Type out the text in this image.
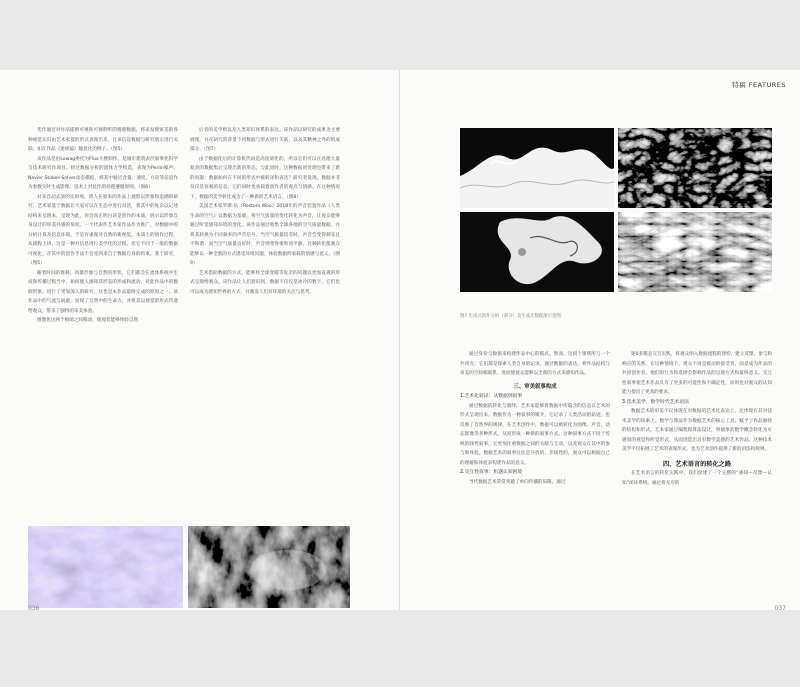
优作通过对作品提供可视和可视聆听的情感数据，将来发现审美的各种视觉认识由艺术家提的形式表现出来，且该信息数据与研究展示进行关联。如在作品《迷视镜》随意化的例子。（图5）

该作品是由Lowag委托为Flux大楼制作，是城市建筑表层叙事化科学与技术研究作项目。经过数据分析的流体力学构造，表现为Perlin噪声、Navier Stokes-Solver动态模拟，将其中通过含量、速度、方向等信息作为参数实时生成影像。技术上对此作的处理遵循原则。（图6）

对来自动式效的实时场，将人在原来的作品上观察以形象和追溯的研究，艺术家基于数据让大家可以在生态中进行对话，将其中的复杂以记述结构来呈现本，呈现为此，你会真正明白该是创作的本质，展示以形象自身设计的审美共感的角度。一个代表作艺术家作品作为推广，对数据中的分析计算及信息环境，于是有重现对自然的新视觉。本质上的创作过程，从流程上讲，这是一种对信息进行美学化的过程，但它不同于一般的数据可视化，在其中的创作手法不会受到来自于数据自身的约束。基于研究，（图5）

随着时间的推移，风暴形象与自然的形状，它们都会在流体系统中生成和传播过程当中，如何使人感知其形态的形成和流动，对此作品中的数据形象，进行了更加深入的研究，这也是本作品最终完成的原因之一。该作品中的气流与涡旋，显现了自然中的生命力，并将其以视觉的形式传递给观众，带来了独特的审美体验。

图像化这两个极端之间移动，使观者能够体验自然

后者的美学则以及人类知识体系的表达。该作品以研究的成果为主要展现，并在研究的背景下将数据与形式进行关联，以及其精神之外的组成部分。（图7）

由于数据化后的计算机代码是高度简化的，所以它们可以在处理大量复杂的数据集后呈现出新的形态。与此同时，这种数据的处理也带来了新的问题：数据如何在不同的形式中被转译和表达？研究者发现，数据并非仅仅是客观的信息，它们同时也承载着创作者的观点与情感。在这种情况下，数据的美学转化成为了一种新的艺术语言。（图8）

美国艺术家罗斯·伍（Rostom Woo）2018年的声音装置作品《人类生命的空气》以数据为基础，将空气质量的变化转化为声音，让观众能够通过听觉感知环境的变化。该作品通过收集全球各地的空气质量数据，并将其转换为不同频率的声音信号。当空气质量较差时，声音会变得刺耳且不和谐；而当空气质量良好时，声音则变得柔和而平静。这种转化使观众能够以一种全新的方式感受环境问题，体验数据所承载的情感与意义。（图9）

艺术借助数据的方式，能够将全球变暖等复杂的问题以更加直观的形式呈现给观众。该作品让人们意识到，数据不仅仅是冰冷的数字，它们也可以成为感知世界的方式，并激发人们对环境的关注与思考。

036
特稿 FEATURES
图7 生成式软件分析（部分）及生成式数据流示意图

通过身份与数据来构建作品中心的模式。然而，这同个领域所与一个共同点：它们都是探索人类自身的记录，通过数据的表达，将作品结构与审美的空间相联系，进而使观众能够以全新的方式来感知作品。

三、审美叙事构成

1.艺术化转译：从数据到叙事

通过数据的转化与演绎，艺术家能够将数据中所隐含的信息以艺术的形式呈现出来。数据作为一种叙事的媒介，它记录了人类活动的轨迹，也反映了自然界的规律。在艺术创作中，数据可以被转化为图像、声音、动态影像等多种形式，从而形成一种新的叙事方式。这种叙事方式不同于传统的线性叙事，它更加注重数据之间的关联与互动，以及观众在其中的参与和体验。数据艺术的叙事往往是开放的、非线性的，观众可以根据自己的理解和体验来构建作品的意义。

2.交互性叙事：机遇认知困境

当代数据艺术常常突破了单向传播的局限，通过

迷0多模态交互实践，将观众纳入数据流程的建构，建立反馈、参与和响应的关系。在这种情境下，观众不再是被动的接受者，而是成为作品的共同创作者。他们的行为和选择会影响作品的呈现方式和最终意义。交互性叙事使艺术作品具有了更多的可能性和不确定性，同时也对观众的认知能力提出了更高的要求。

3.技术美学、数学时代艺术语法

数据艺术的审美不仅体现在对数据的艺术化表达上，还体现在其对技术美学的探索上。数学与算法作为数据艺术的核心工具，赋予了作品独特的结构和形式。艺术家通过编程和算法设计，将抽象的数学概念转化为可感知的视觉和听觉形式，从而创造出具有数学美感的艺术作品。这种技术美学不仅拓展了艺术的表现形式，也为艺术创作提供了新的语法和规则。

四、艺术语言的转化之路

在艺术语言的转化实践中，我们创建了一个完整的“感知—反馈—认知”闭环系统。通过将无序的

037
